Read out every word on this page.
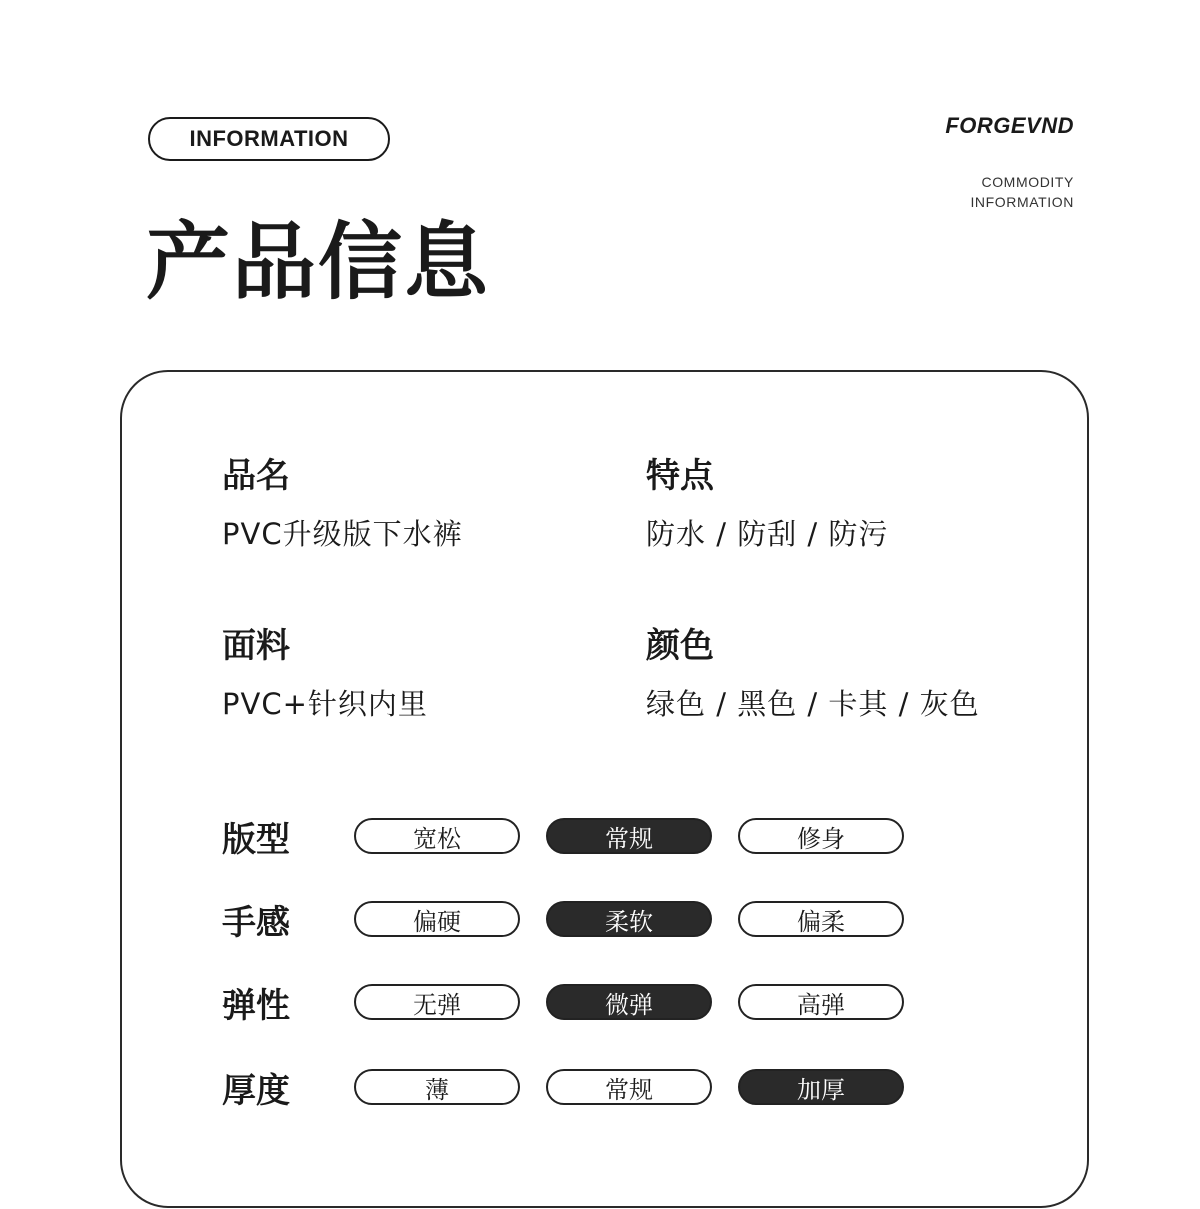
INFORMATION
FORGEVND
COMMODITY
INFORMATION
产品信息
品名
PVC升级版下水裤
特点
防水 / 防刮 / 防污
面料
PVC+针织内里
颜色
绿色 / 黑色 / 卡其 / 灰色
版型	宽松	常规	修身
手感	偏硬	柔软	偏柔
弹性	无弹	微弹	高弹
厚度	薄	常规	加厚
